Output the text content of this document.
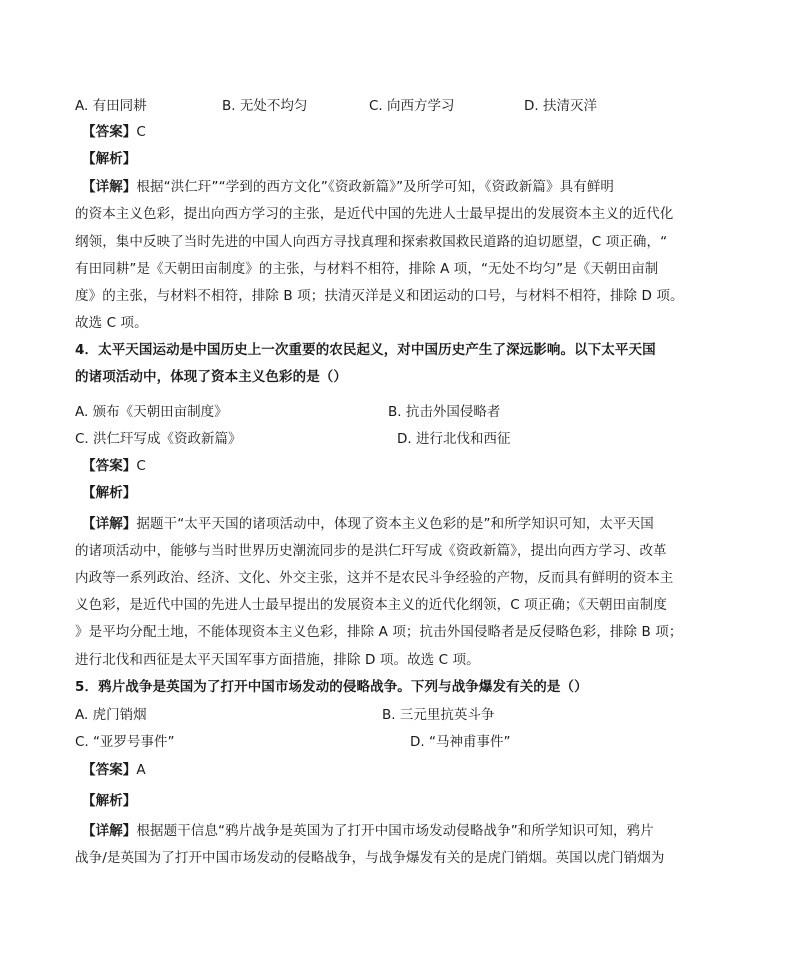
A. 有田同耕	B. 无处不均匀	C. 向西方学习	D. 扶清灭洋
【答案】C
【解析】
【详解】根据“洪仁玕”“学到的西方文化”《资政新篇》”及所学可知，《资政新篇》具有鲜明
的资本主义色彩，提出向西方学习的主张，是近代中国的先进人士最早提出的发展资本主义的近代化
纲领，集中反映了当时先进的中国人向西方寻找真理和探索救国救民道路的迫切愿望，C 项正确，“
有田同耕”是《天朝田亩制度》的主张，与材料不相符，排除 A 项，“无处不均匀”是《天朝田亩制
度》的主张，与材料不相符，排除 B 项；扶清灭洋是义和团运动的口号，与材料不相符，排除 D 项。
故选 C 项。
4．太平天国运动是中国历史上一次重要的农民起义，对中国历史产生了深远影响。以下太平天国
的诸项活动中，体现了资本主义色彩的是（）
A. 颁布《天朝田亩制度》	B. 抗击外国侵略者
C. 洪仁玕写成《资政新篇》	D. 进行北伐和西征
【答案】C
【解析】
【详解】据题干“太平天国的诸项活动中，体现了资本主义色彩的是”和所学知识可知，太平天国
的诸项活动中，能够与当时世界历史潮流同步的是洪仁玕写成《资政新篇》，提出向西方学习、改革
内政等一系列政治、经济、文化、外交主张，这并不是农民斗争经验的产物，反而具有鲜明的资本主
义色彩，是近代中国的先进人士最早提出的发展资本主义的近代化纲领，C 项正确；《天朝田亩制度
》是平均分配土地，不能体现资本主义色彩，排除 A 项；抗击外国侵略者是反侵略色彩，排除 B 项；
进行北伐和西征是太平天国军事方面措施，排除 D 项。故选 C 项。
5．鸦片战争是英国为了打开中国市场发动的侵略战争。下列与战争爆发有关的是（）
A. 虎门销烟	B. 三元里抗英斗争
C. “亚罗号事件”	D. “马神甫事件”
【答案】A
【解析】
【详解】根据题干信息“鸦片战争是英国为了打开中国市场发动侵略战争”和所学知识可知，鸦片
战争/是英国为了打开中国市场发动的侵略战争，与战争爆发有关的是虎门销烟。英国以虎门销烟为
